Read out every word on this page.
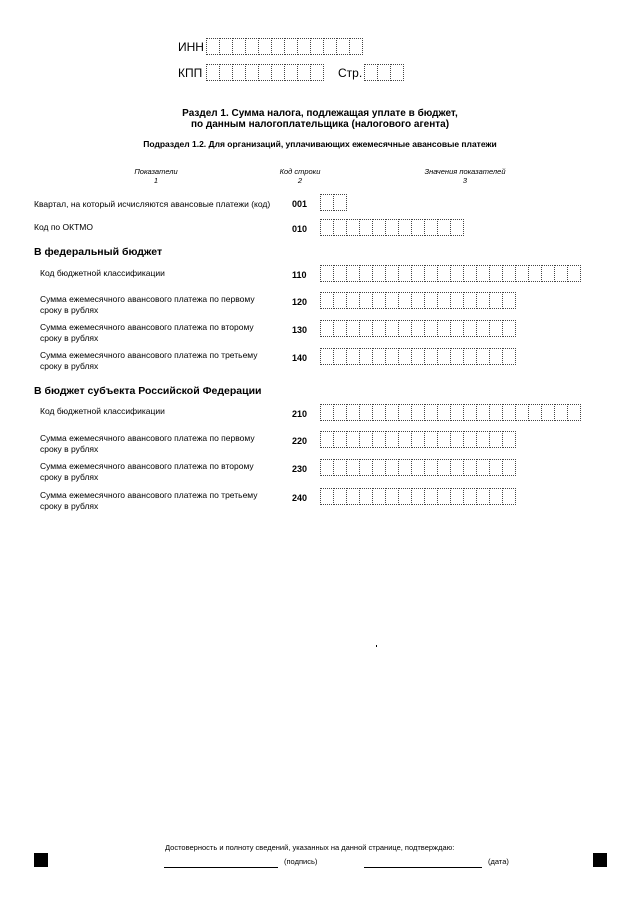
ИНН
КПП	Стр.
Раздел 1. Сумма налога, подлежащая уплате в бюджет,
по данным налогоплательщика (налогового агента)
Подраздел 1.2. Для организаций, уплачивающих ежемесячные авансовые платежи
Показатели
1
Код строки
2
Значения показателей
3
Квартал, на который исчисляются авансовые платежи (код) 001
Код по ОКТМО	010
В федеральный бюджет
Код бюджетной классификации	110
Сумма ежемесячного авансового платежа по первому
сроку в рублях
120
Сумма ежемесячного авансового платежа по второму
сроку в рублях
130
Сумма ежемесячного авансового платежа по третьему
сроку в рублях
140
В бюджет субъекта Российской Федерации
Код бюджетной классификации	210
Сумма ежемесячного авансового платежа по первому
сроку в рублях
220
Сумма ежемесячного авансового платежа по второму
сроку в рублях
230
Сумма ежемесячного авансового платежа по третьему
сроку в рублях
240
Достоверность и полноту сведений, указанных на данной странице, подтверждаю:
(подпись)	(дата)
